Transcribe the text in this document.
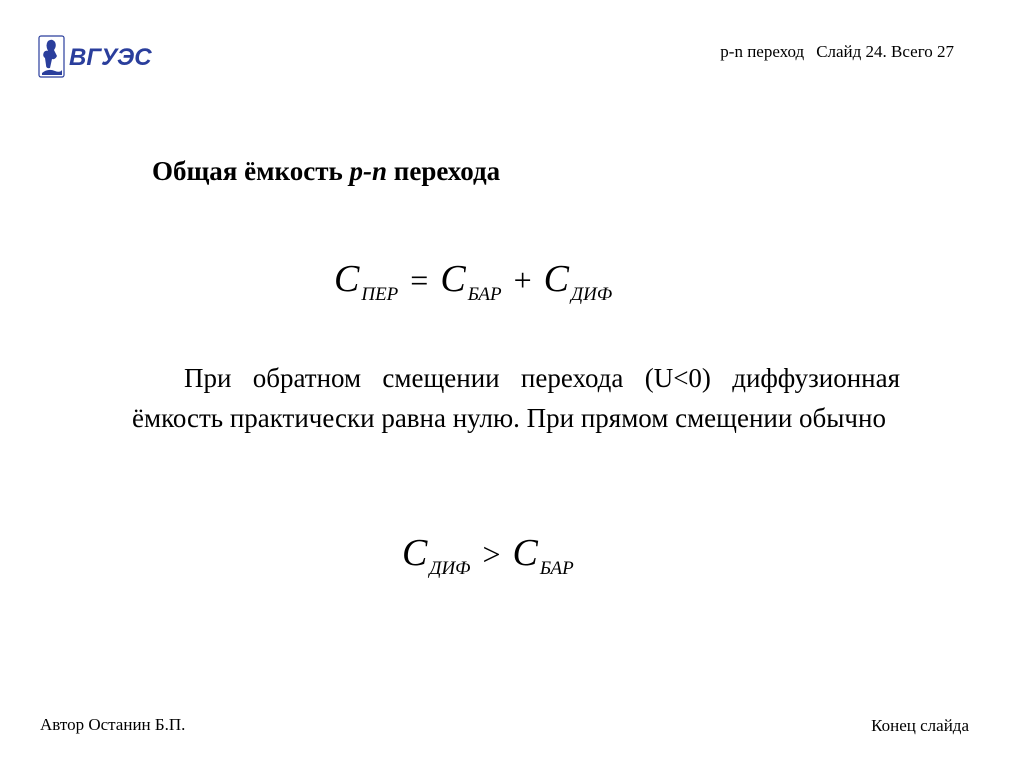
ВГУЭС	p-n переход Слайд 24. Всего 27
Общая ёмкость p-n перехода
CПЕР = C БАР + C ДИФ
При обратном смещении перехода (U<0) диффузионная ёмкость практически равна нулю. При прямом смещении обычно
CДИФ > C БАР
Автор Останин Б.П.	Конец слайда
